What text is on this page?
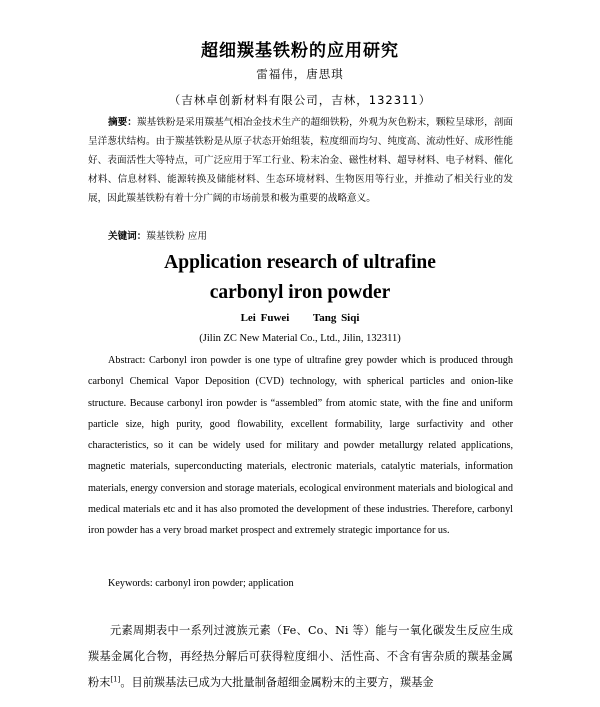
超细羰基铁粉的应用研究
雷福伟，唐思琪
（吉林卓创新材料有限公司，吉林，132311）
摘要：羰基铁粉是采用羰基气相冶金技术生产的超细铁粉，外观为灰色粉末，颗粒呈球形，剖面呈洋葱状结构。由于羰基铁粉是从原子状态开始组装，粒度细而均匀、纯度高、流动性好、成形性能好、表面活性大等特点，可广泛应用于军工行业、粉末冶金、磁性材料、超导材料、电子材料、催化材料、信息材料、能源转换及储能材料、生态环境材料、生物医用等行业，并推动了相关行业的发展，因此羰基铁粉有着十分广阔的市场前景和极为重要的战略意义。
关键词：羰基铁粉 应用
Application research of ultrafine
carbonyl iron powder
Lei Fuwei     Tang Siqi
(Jilin ZC New Material Co., Ltd., Jilin, 132311)
Abstract: Carbonyl iron powder is one type of ultrafine grey powder which is produced through carbonyl Chemical Vapor Deposition (CVD) technology, with spherical particles and onion-like structure. Because carbonyl iron powder is “assembled” from atomic state, with the fine and uniform particle size, high purity, good flowability, excellent formability, large surfactivity and other characteristics, so it can be widely used for military and powder metallurgy related applications, magnetic materials, superconducting materials, electronic materials, catalytic materials, information materials, energy conversion and storage materials, ecological environment materials and biological and medical materials etc and it has also promoted the development of these industries. Therefore, carbonyl iron powder has a very broad market prospect and extremely strategic importance for us.
Keywords: carbonyl iron powder; application
元素周期表中一系列过渡族元素（Fe、Co、Ni 等）能与一氧化碳发生反应生成羰基金属化合物，再经热分解后可获得粒度细小、活性高、不含有害杂质的羰基金属粉末[1]。目前羰基法已成为大批量制备超细金属粉末的主要方，羰基金
